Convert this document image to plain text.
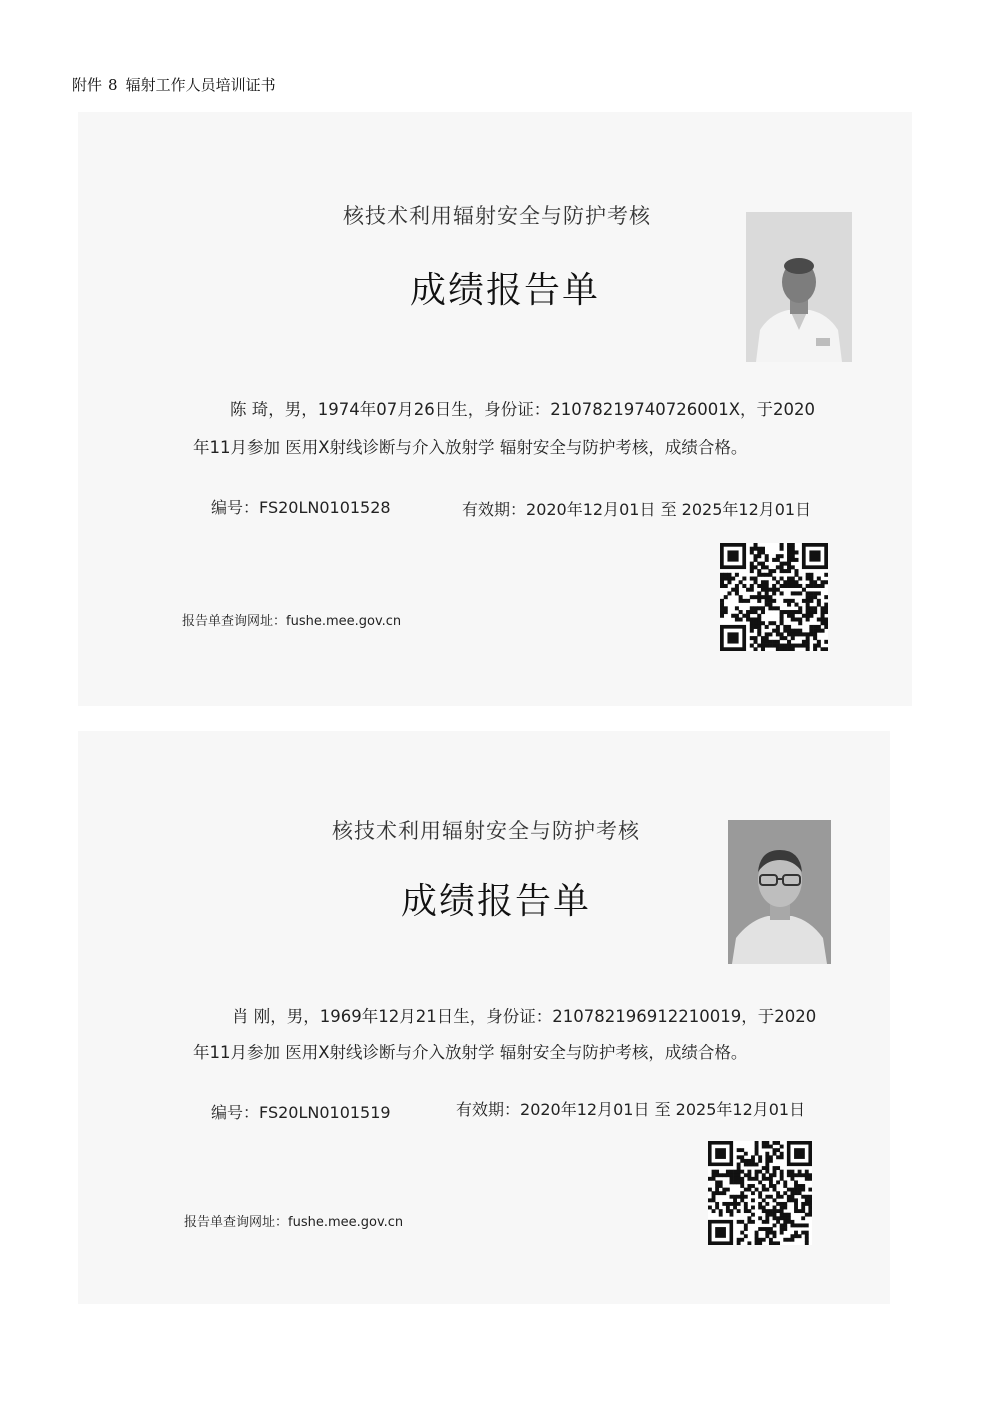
附件 8 辐射工作人员培训证书
核技术利用辐射安全与防护考核
成绩报告单
陈 琦，男，1974年07月26日生，身份证：21078219740726001X，于2020
年11月参加 医用X射线诊断与介入放射学 辐射安全与防护考核，成绩合格。
编号：FS20LN0101528	有效期：2020年12月01日 至 2025年12月01日
报告单查询网址：fushe.mee.gov.cn
核技术利用辐射安全与防护考核
成绩报告单
肖 刚，男，1969年12月21日生，身份证：210782196912210019，于2020
年11月参加 医用X射线诊断与介入放射学 辐射安全与防护考核，成绩合格。
编号：FS20LN0101519	有效期：2020年12月01日 至 2025年12月01日
报告单查询网址：fushe.mee.gov.cn
